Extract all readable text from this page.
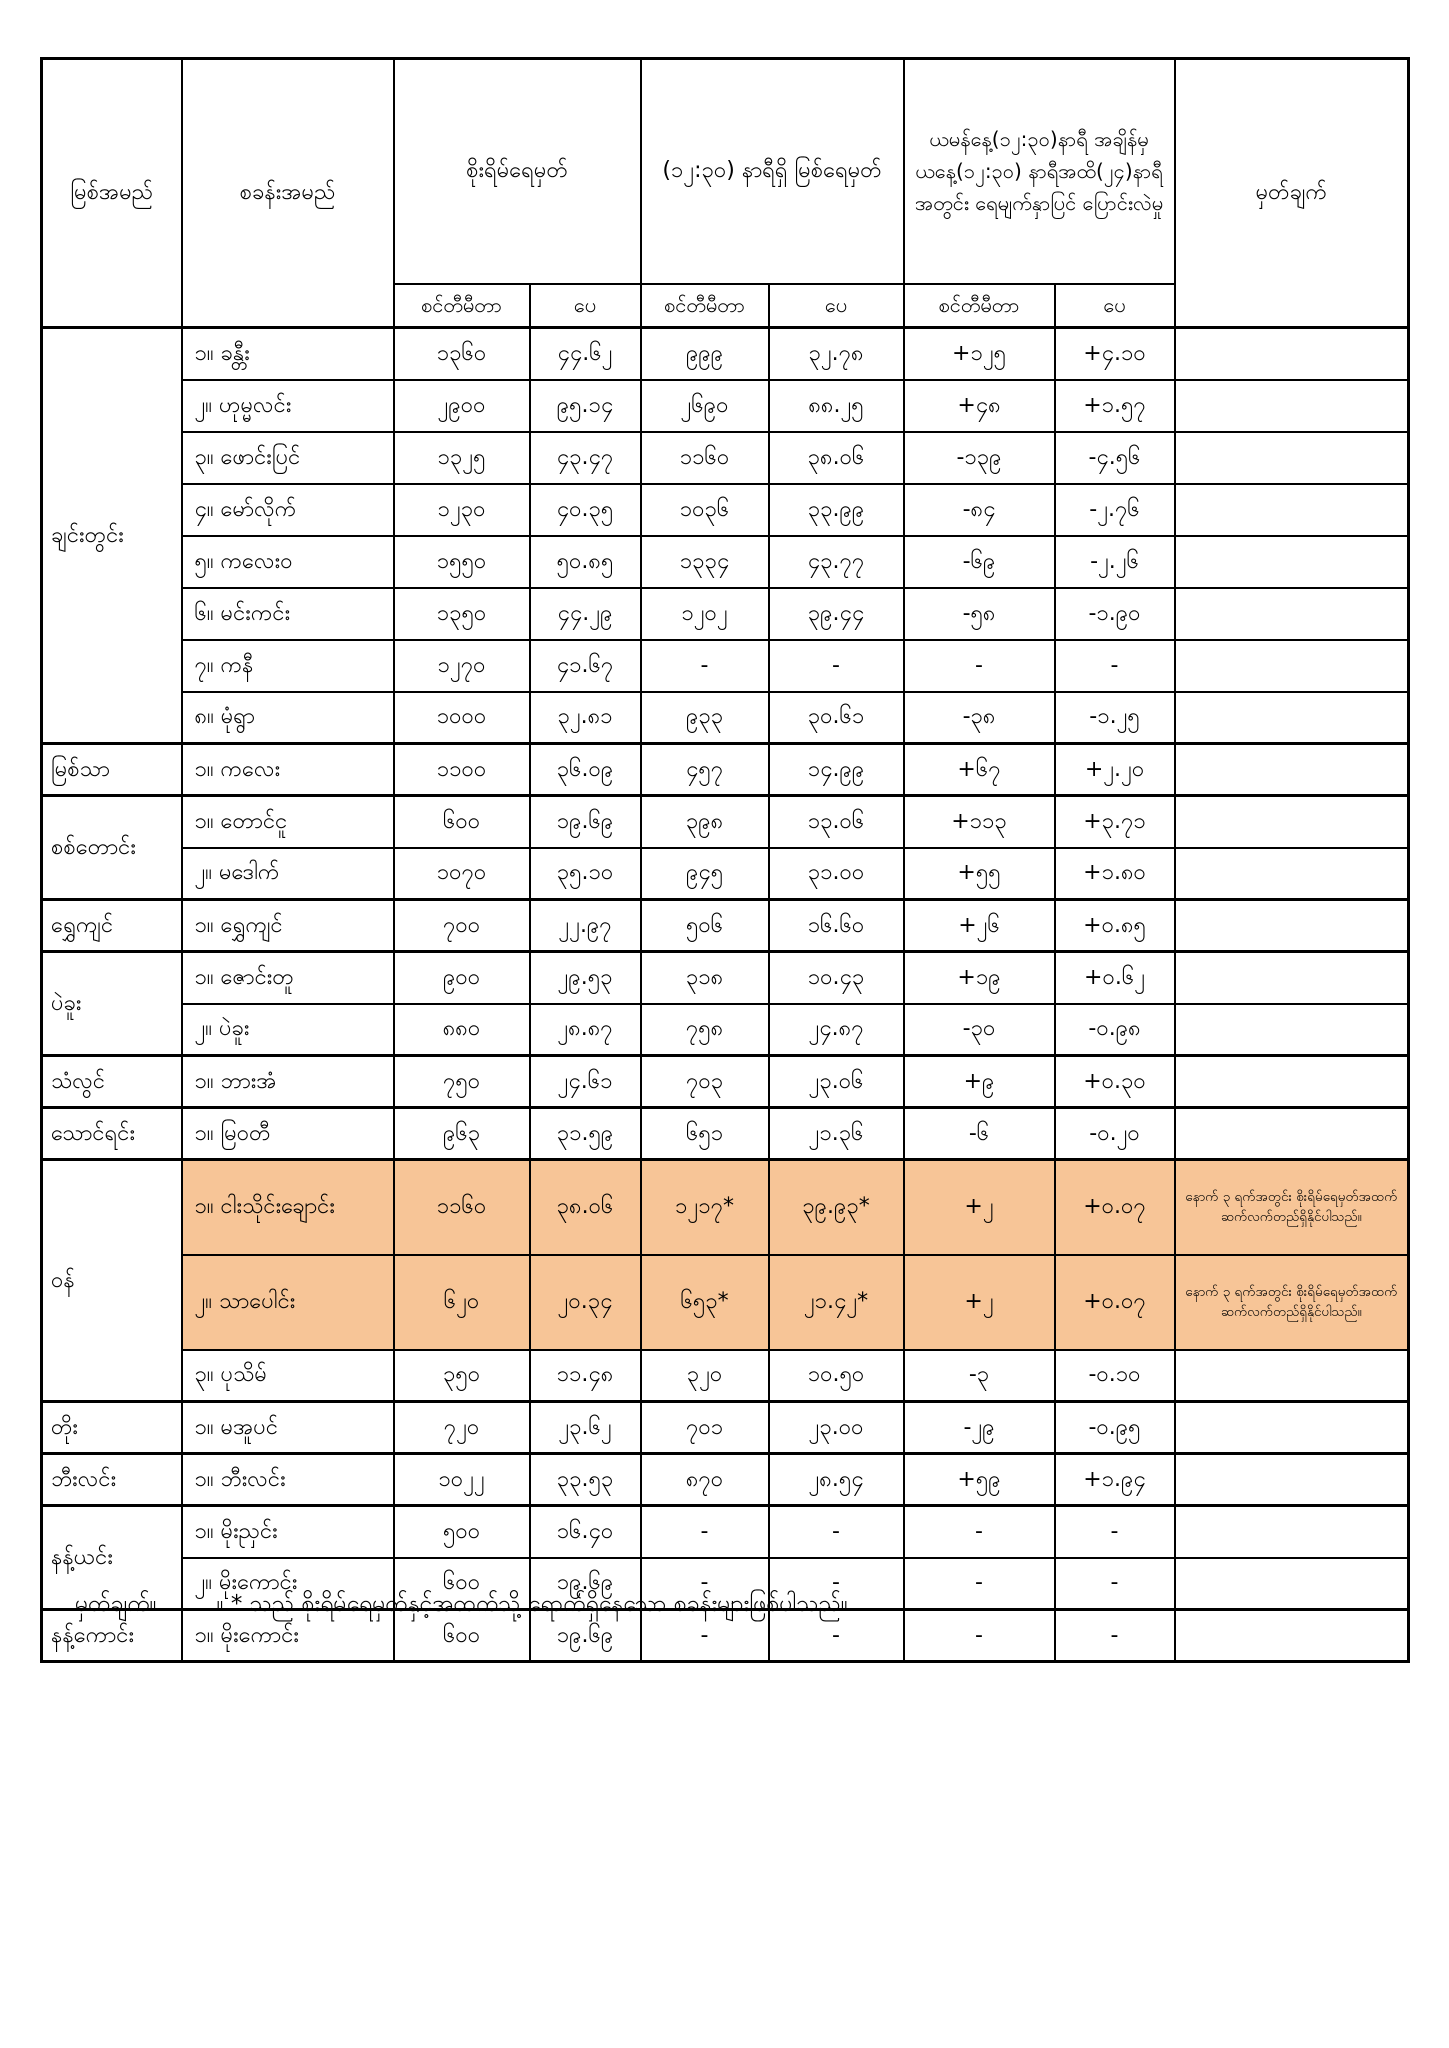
မြစ်အမည်	စခန်းအမည်	စိုးရိမ်ရေမှတ်		(၁၂:၃၀) နာရီရှိ မြစ်ရေမှတ်		ယမန်နေ့(၁၂:၃၀)နာရီ အချိန်မှ ယနေ့(၁၂:၃၀) နာရီအထိ(၂၄)နာရီအတွင်း ရေမျက်နှာပြင် ပြောင်းလဲမှု		မှတ်ချက်
		စင်တီမီတာ	ပေ	စင်တီမီတာ	ပေ	စင်တီမီတာ	ပေ	
ချင်းတွင်း	၁။ ခန္တီး	၁၃၆၀	၄၄.၆၂	၉၉၉	၃၂.၇၈	+၁၂၅	+၄.၁၀	
	၂။ ဟုမ္မလင်း	၂၉၀၀	၉၅.၁၄	၂၆၉၀	၈၈.၂၅	+၄၈	+၁.၅၇	
	၃။ ဖောင်းပြင်	၁၃၂၅	၄၃.၄၇	၁၁၆၀	၃၈.၀၆	-၁၃၉	-၄.၅၆	
	၄။ မော်လိုက်	၁၂၃၀	၄၀.၃၅	၁၀၃၆	၃၃.၉၉	-၈၄	-၂.၇၆	
	၅။ ကလေးဝ	၁၅၅၀	၅၀.၈၅	၁၃၃၄	၄၃.၇၇	-၆၉	-၂.၂၆	
	၆။ မင်းကင်း	၁၃၅၀	၄၄.၂၉	၁၂၀၂	၃၉.၄၄	-၅၈	-၁.၉၀	
	၇။ ကနီ	၁၂၇၀	၄၁.၆၇	-	-	-	-	
	၈။ မုံရွာ	၁၀၀၀	၃၂.၈၁	၉၃၃	၃၀.၆၁	-၃၈	-၁.၂၅	
မြစ်သာ	၁။ ကလေး	၁၁၀၀	၃၆.၀၉	၄၅၇	၁၄.၉၉	+၆၇	+၂.၂၀	
စစ်တောင်း	၁။ တောင်ငူ	၆၀၀	၁၉.၆၉	၃၉၈	၁၃.၀၆	+၁၁၃	+၃.၇၁	
	၂။ မဒေါက်	၁၀၇၀	၃၅.၁၀	၉၄၅	၃၁.၀၀	+၅၅	+၁.၈၀	
ရွှေကျင်	၁။ ရွှေကျင်	၇၀၀	၂၂.၉၇	၅၀၆	၁၆.၆၀	+၂၆	+၀.၈၅	
ပဲခူး	၁။ ဇောင်းတူ	၉၀၀	၂၉.၅၃	၃၁၈	၁၀.၄၃	+၁၉	+၀.၆၂	
	၂။ ပဲခူး	၈၈၀	၂၈.၈၇	၇၅၈	၂၄.၈၇	-၃၀	-၀.၉၈	
သံလွင်	၁။ ဘားအံ	၇၅၀	၂၄.၆၁	၇၀၃	၂၃.၀၆	+၉	+၀.၃၀	
သောင်ရင်း	၁။ မြဝတီ	၉၆၃	၃၁.၅၉	၆၅၁	၂၁.၃၆	-၆	-၀.၂၀	
ဝန်	၁။ ငါးသိုင်းချောင်း	၁၁၆၀	၃၈.၀၆	၁၂၁၇*	၃၉.၉၃*	+၂	+၀.၀၇	နောက် ၃ ရက်အတွင်း စိုးရိမ်ရေမှတ်အထက် ဆက်လက်တည်ရှိနိုင်ပါသည်။
	၂။ သာပေါင်း	၆၂၀	၂၀.၃၄	၆၅၃*	၂၁.၄၂*	+၂	+၀.၀၇	နောက် ၃ ရက်အတွင်း စိုးရိမ်ရေမှတ်အထက် ဆက်လက်တည်ရှိနိုင်ပါသည်။
	၃။ ပုသိမ်	၃၅၀	၁၁.၄၈	၃၂၀	၁၀.၅၀	-၃	-၀.၁၀	
တိုး	၁။ မအူပင်	၇၂၀	၂၃.၆၂	၇၀၁	၂၃.၀၀	-၂၉	-၀.၉၅	
ဘီးလင်း	၁။ ဘီးလင်း	၁၀၂၂	၃၃.၅၃	၈၇၀	၂၈.၅၄	+၅၉	+၁.၉၄	
နန့်ယင်း	၁။ မိုးညှင်း	၅၀၀	၁၆.၄၀	-	-	-	-	
	၂။ မိုးကောင်း	၆၀၀	၁၉.၆၉	-	-	-	-	
နန့်ကောင်း	၁။ မိုးကောင်း	၆၀၀	၁၉.၆၉	-	-	-	-	
မှတ်ချက်။	။ * သည် စိုးရိမ်ရေမှတ်နှင့်အထက်သို့ ရောက်ရှိနေသော စခန်းများဖြစ်ပါသည်။
